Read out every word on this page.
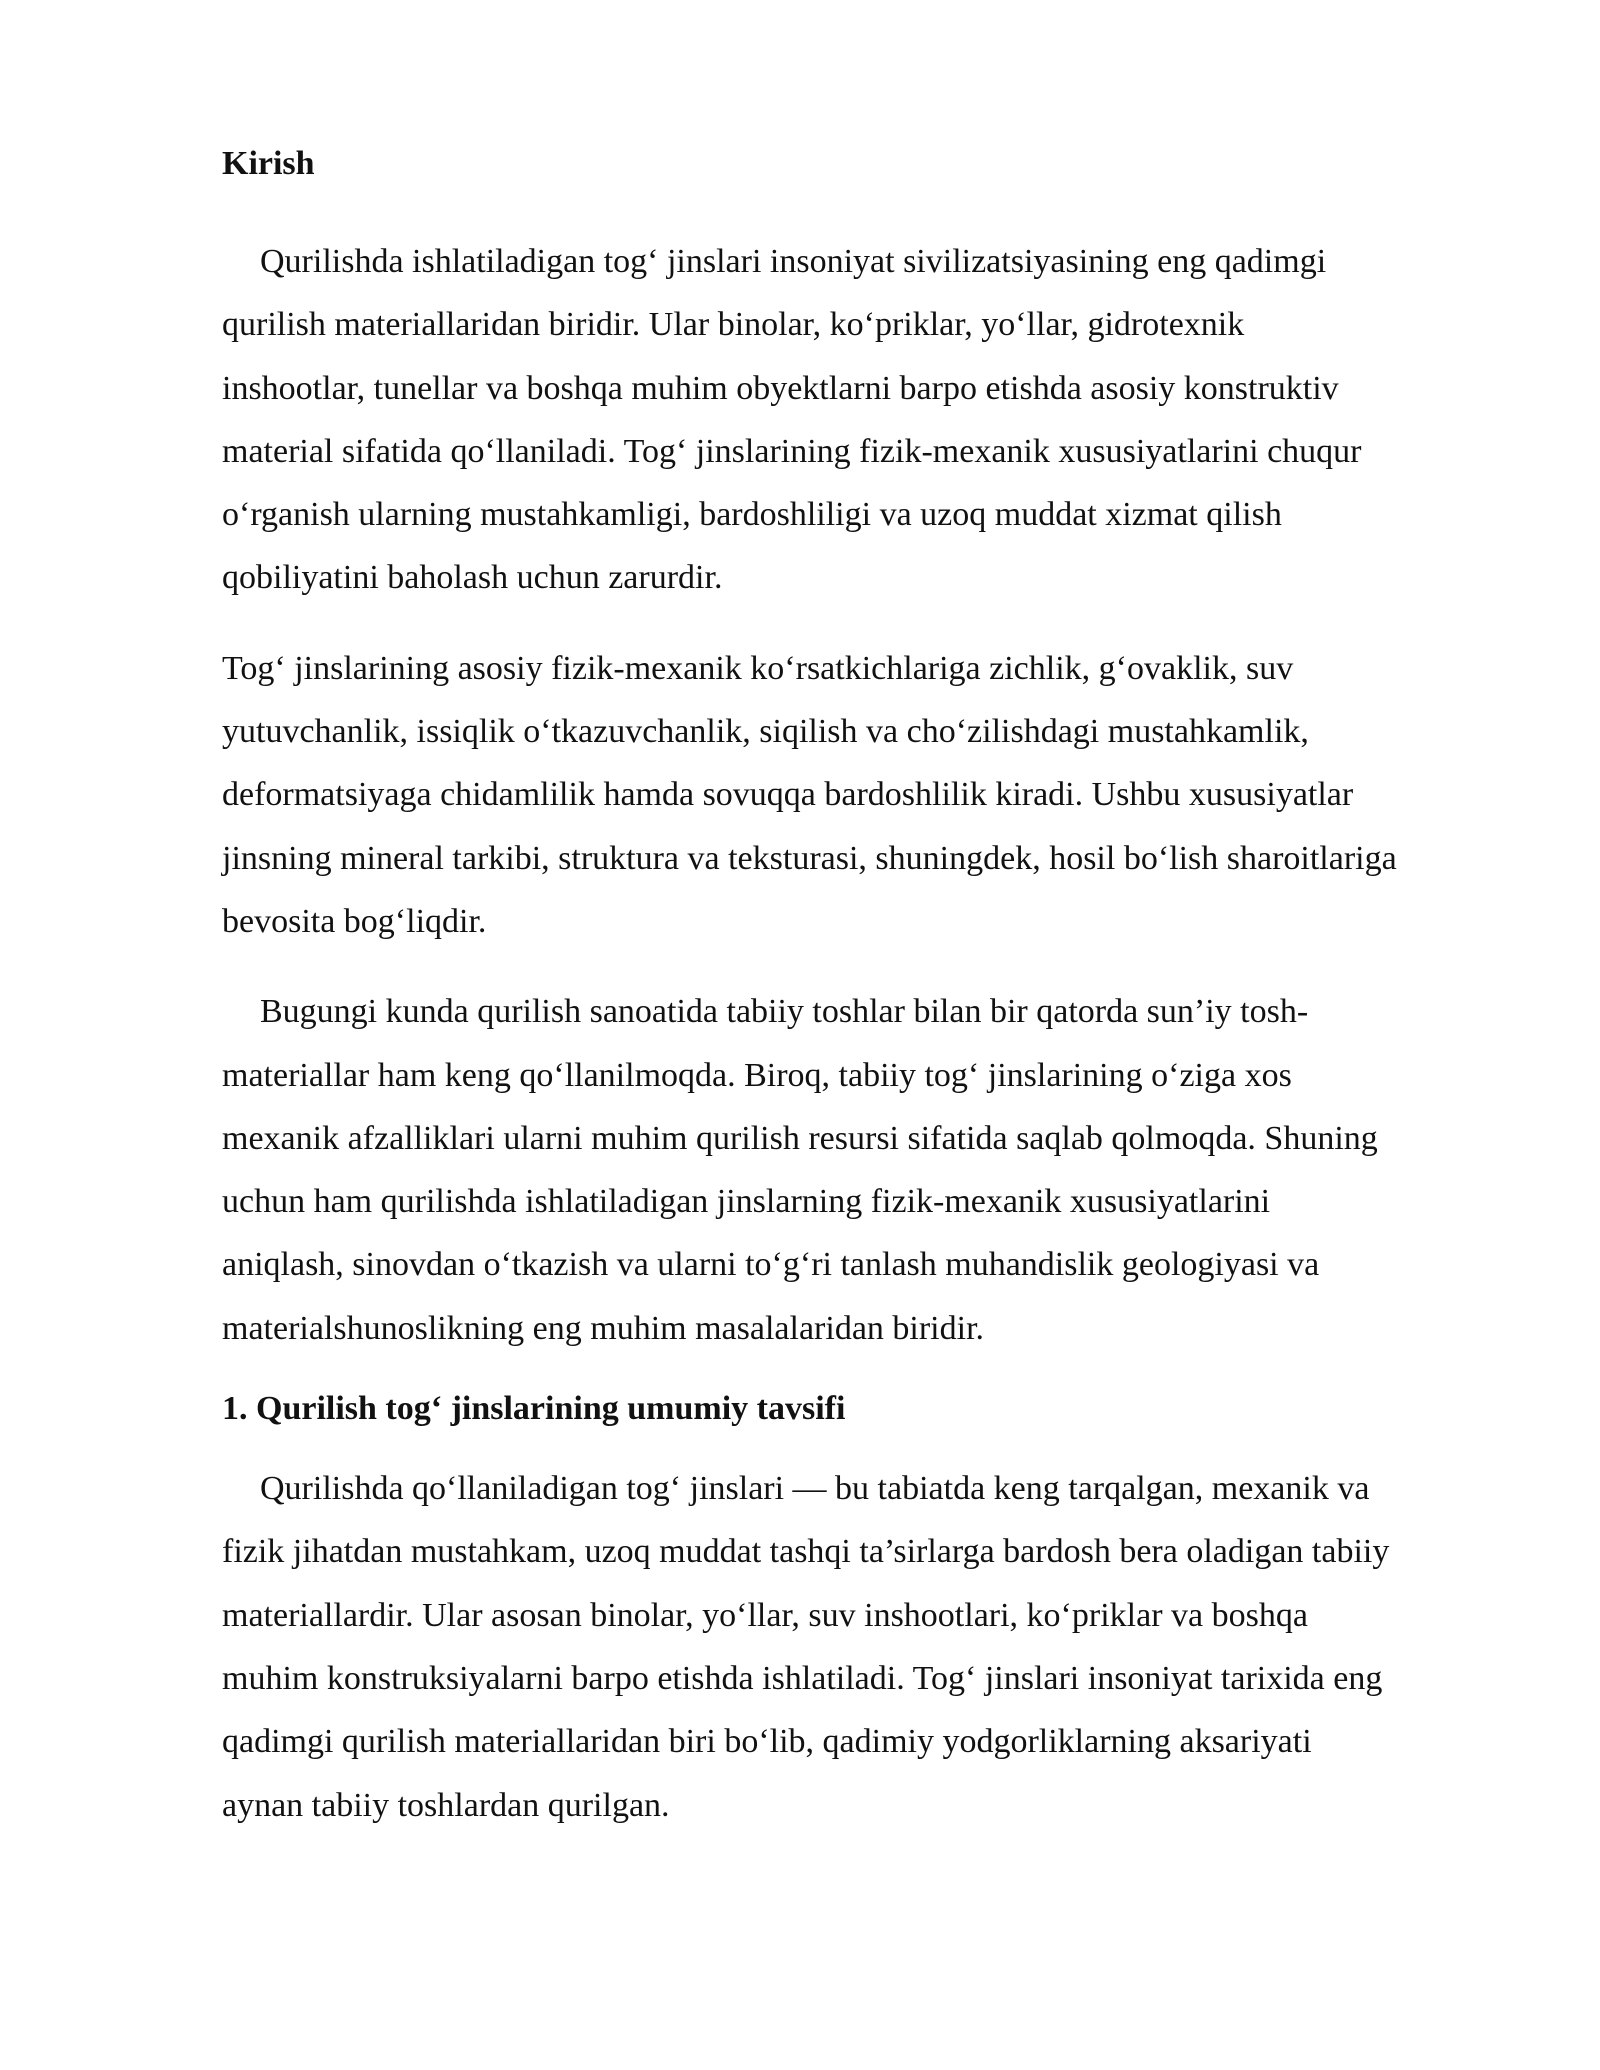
Kirish

Qurilishda ishlatiladigan tog‘ jinslari insoniyat sivilizatsiyasining eng qadimgi
qurilish materiallaridan biridir. Ular binolar, ko‘priklar, yo‘llar, gidrotexnik
inshootlar, tunellar va boshqa muhim obyektlarni barpo etishda asosiy konstruktiv
material sifatida qo‘llaniladi. Tog‘ jinslarining fizik-mexanik xususiyatlarini chuqur
o‘rganish ularning mustahkamligi, bardoshliligi va uzoq muddat xizmat qilish
qobiliyatini baholash uchun zarurdir.

Tog‘ jinslarining asosiy fizik-mexanik ko‘rsatkichlariga zichlik, g‘ovaklik, suv
yutuvchanlik, issiqlik o‘tkazuvchanlik, siqilish va cho‘zilishdagi mustahkamlik,
deformatsiyaga chidamlilik hamda sovuqqa bardoshlilik kiradi. Ushbu xususiyatlar
jinsning mineral tarkibi, struktura va teksturasi, shuningdek, hosil bo‘lish sharoitlariga
bevosita bog‘liqdir.

Bugungi kunda qurilish sanoatida tabiiy toshlar bilan bir qatorda sun’iy tosh-
materiallar ham keng qo‘llanilmoqda. Biroq, tabiiy tog‘ jinslarining o‘ziga xos
mexanik afzalliklari ularni muhim qurilish resursi sifatida saqlab qolmoqda. Shuning
uchun ham qurilishda ishlatiladigan jinslarning fizik-mexanik xususiyatlarini
aniqlash, sinovdan o‘tkazish va ularni to‘g‘ri tanlash muhandislik geologiyasi va
materialshunoslikning eng muhim masalalaridan biridir.

1. Qurilish tog‘ jinslarining umumiy tavsifi

Qurilishda qo‘llaniladigan tog‘ jinslari — bu tabiatda keng tarqalgan, mexanik va
fizik jihatdan mustahkam, uzoq muddat tashqi ta’sirlarga bardosh bera oladigan tabiiy
materiallardir. Ular asosan binolar, yo‘llar, suv inshootlari, ko‘priklar va boshqa
muhim konstruksiyalarni barpo etishda ishlatiladi. Tog‘ jinslari insoniyat tarixida eng
qadimgi qurilish materiallaridan biri bo‘lib, qadimiy yodgorliklarning aksariyati
aynan tabiiy toshlardan qurilgan.
